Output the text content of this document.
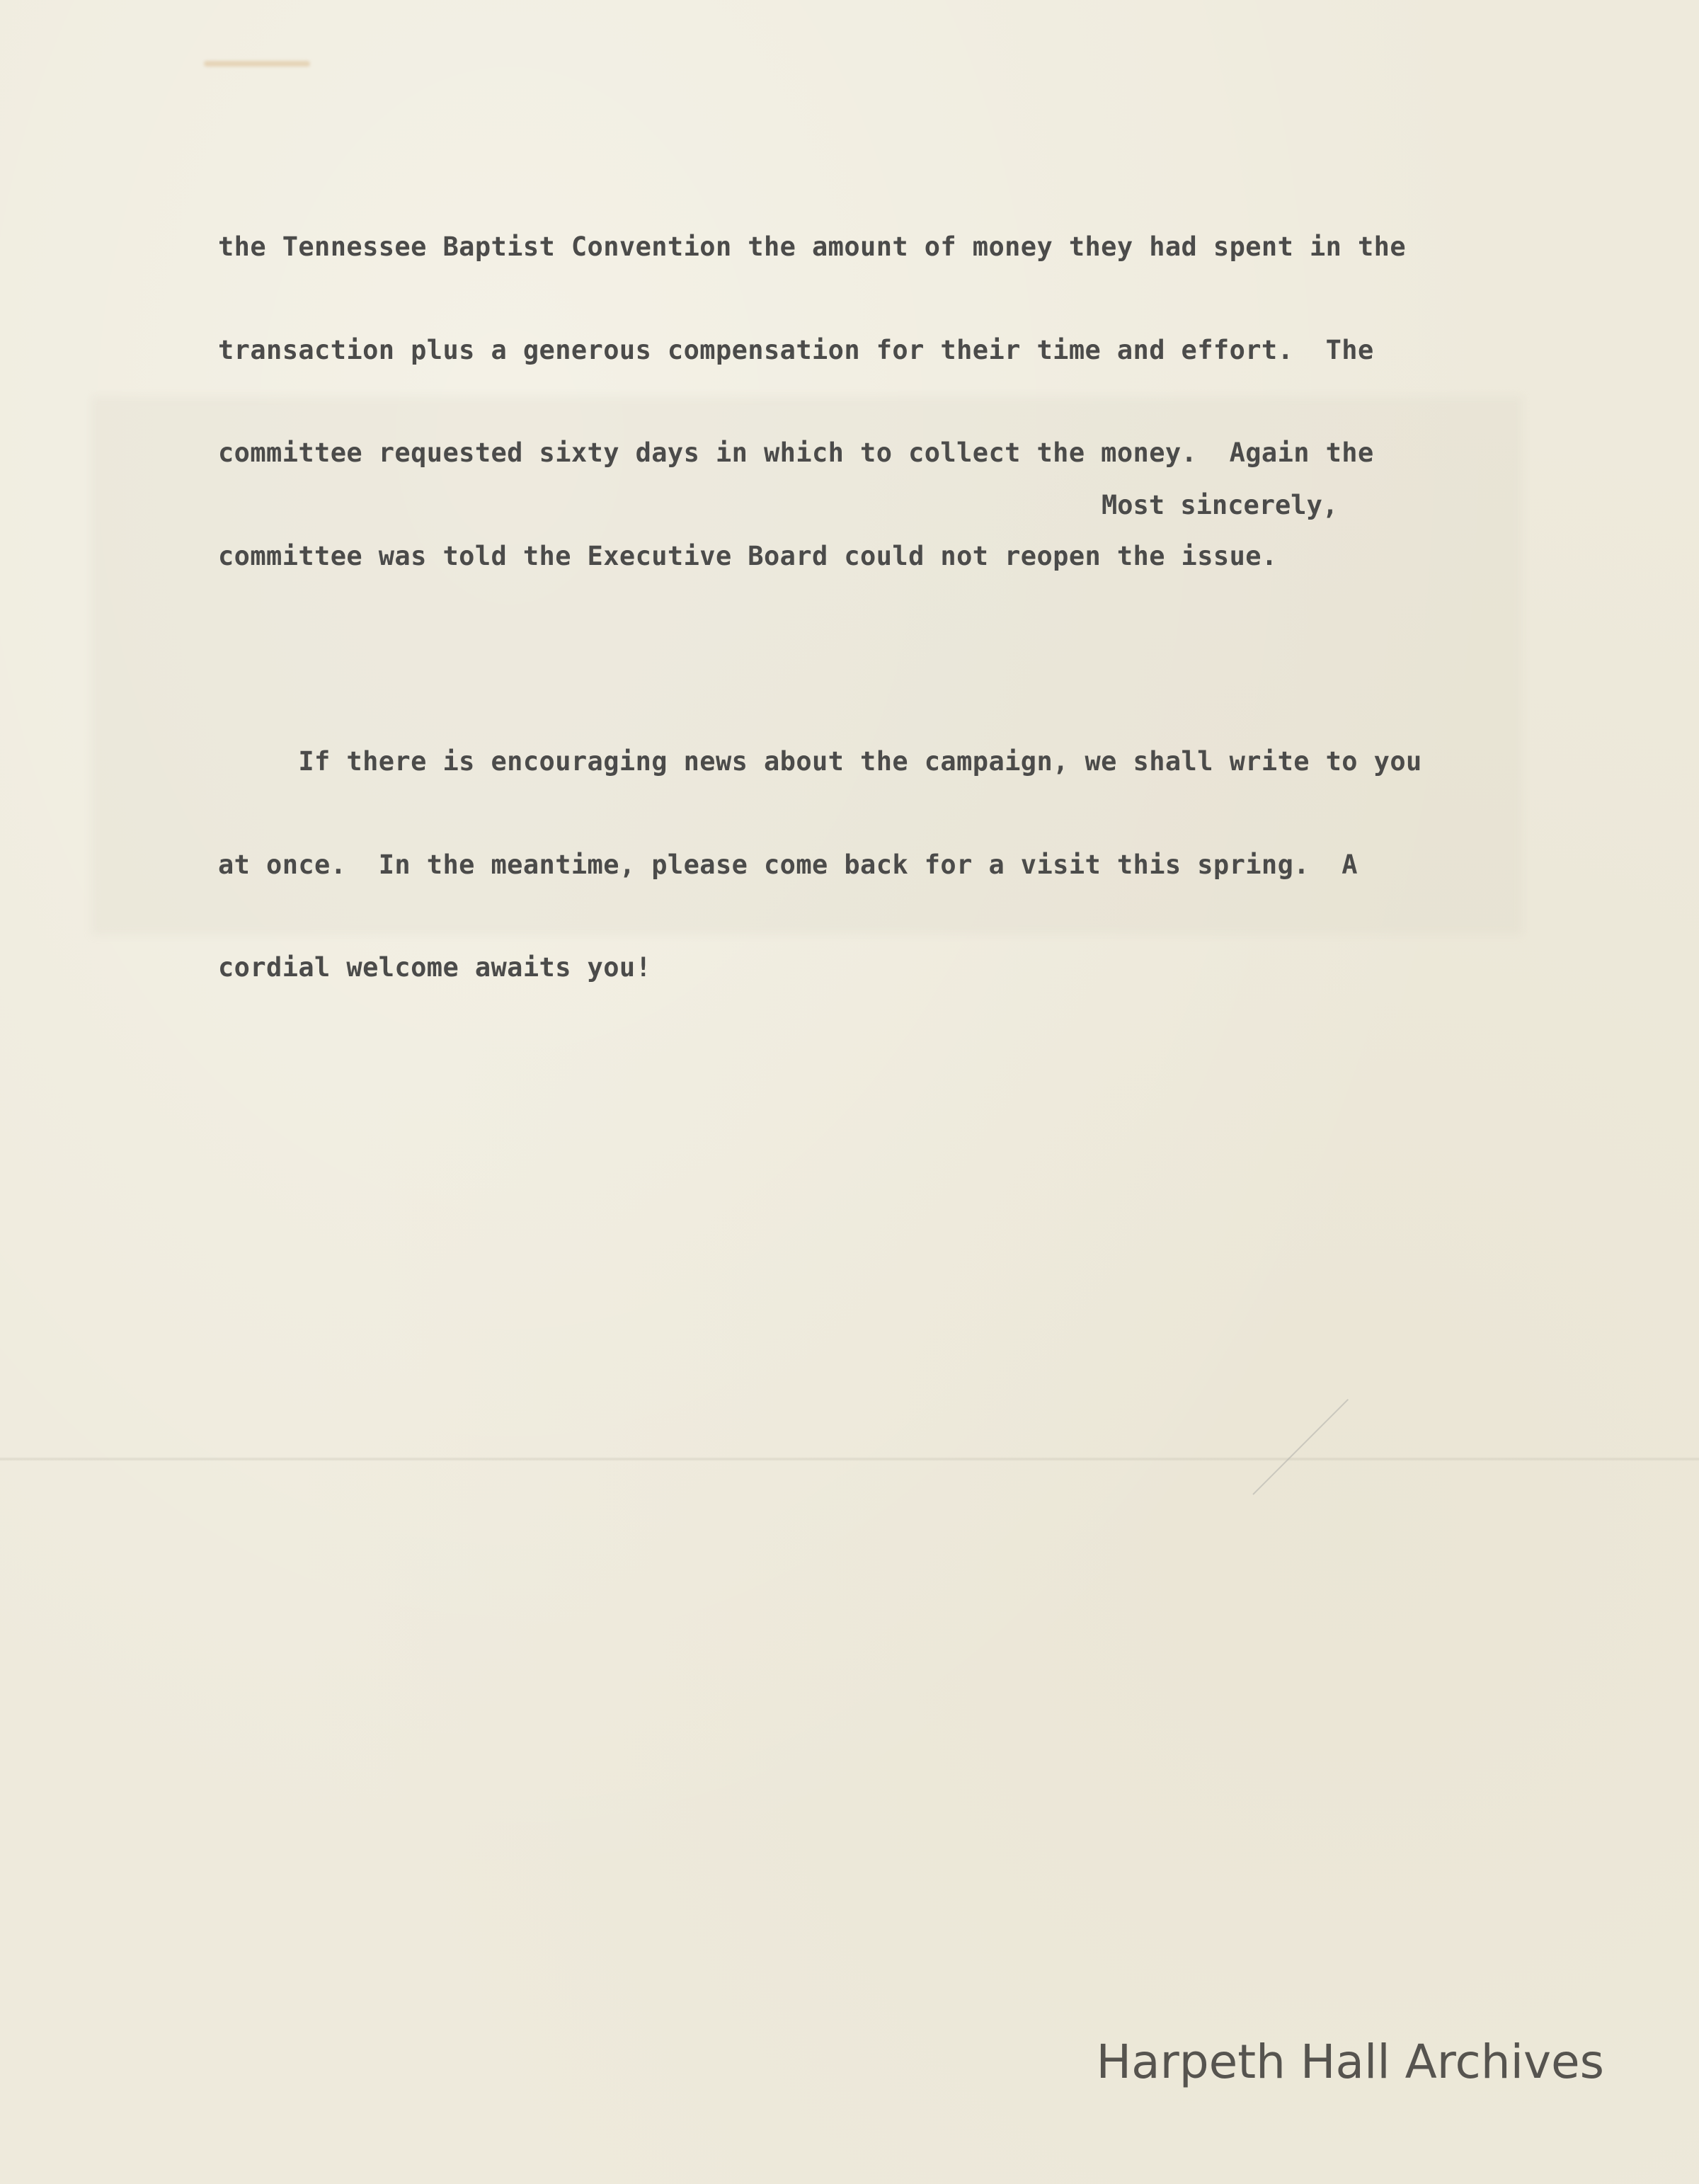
the Tennessee Baptist Convention the amount of money they had spent in the

transaction plus a generous compensation for their time and effort.  The

committee requested sixty days in which to collect the money.  Again the

committee was told the Executive Board could not reopen the issue.

If there is encouraging news about the campaign, we shall write to you

at once.  In the meantime, please come back for a visit this spring.  A

cordial welcome awaits you!

Most sincerely,
Harpeth Hall Archives
